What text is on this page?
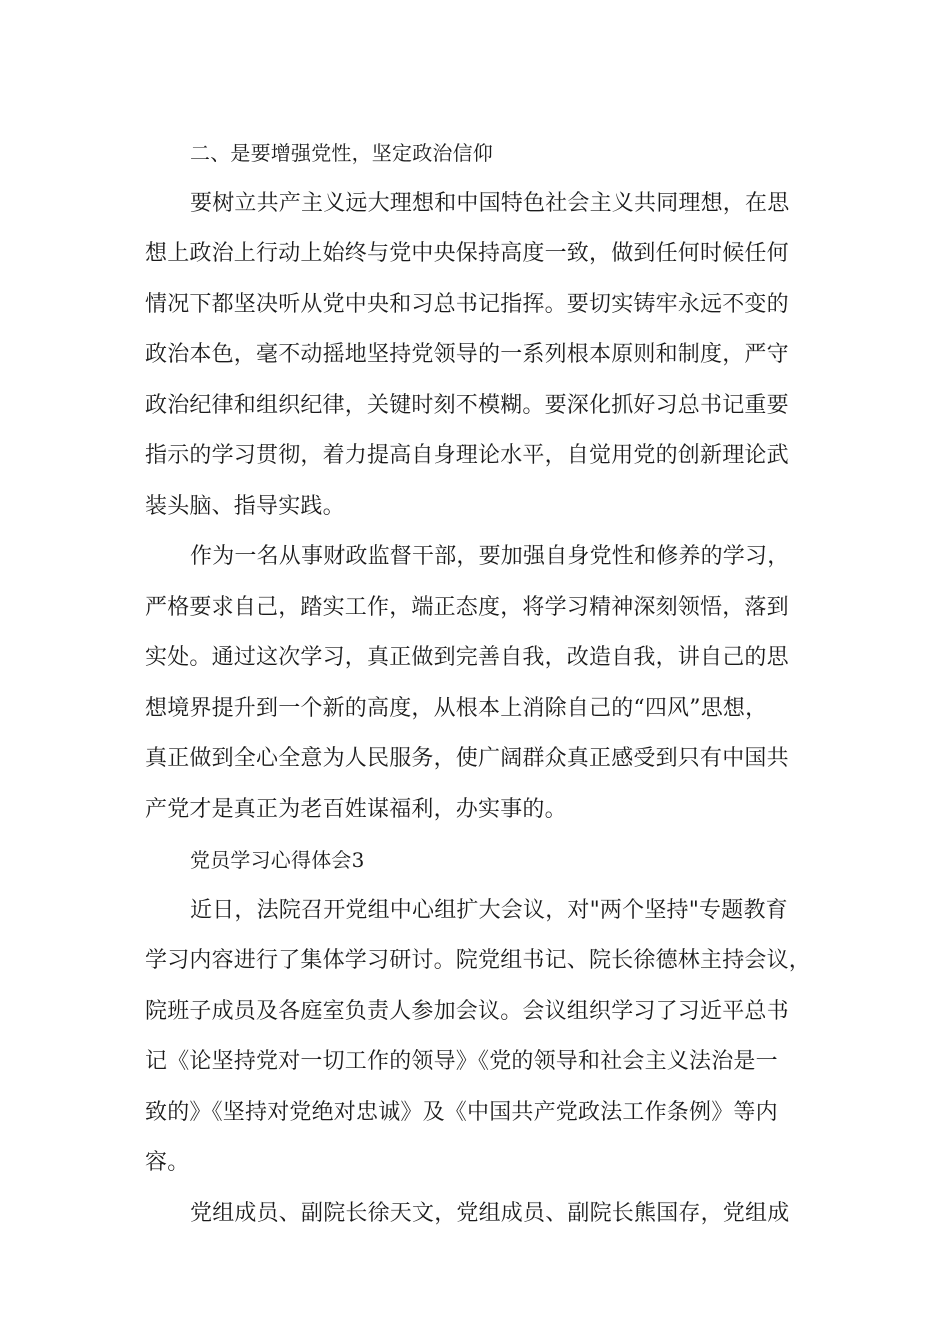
二、是要增强党性，坚定政治信仰
要树立共产主义远大理想和中国特色社会主义共同理想，在思
想上政治上行动上始终与党中央保持高度一致，做到任何时候任何
情况下都坚决听从党中央和习总书记指挥。要切实铸牢永远不变的
政治本色，毫不动摇地坚持党领导的一系列根本原则和制度，严守
政治纪律和组织纪律，关键时刻不模糊。要深化抓好习总书记重要
指示的学习贯彻，着力提高自身理论水平，自觉用党的创新理论武
装头脑、指导实践。
作为一名从事财政监督干部，要加强自身党性和修养的学习，
严格要求自己，踏实工作，端正态度，将学习精神深刻领悟，落到
实处。通过这次学习，真正做到完善自我，改造自我，讲自己的思
想境界提升到一个新的高度，从根本上消除自己的“四风”思想，
真正做到全心全意为人民服务，使广阔群众真正感受到只有中国共
产党才是真正为老百姓谋福利，办实事的。
党员学习心得体会3
近日，法院召开党组中心组扩大会议，对"两个坚持"专题教育
学习内容进行了集体学习研讨。院党组书记、院长徐德林主持会议，
院班子成员及各庭室负责人参加会议。会议组织学习了习近平总书
记《论坚持党对一切工作的领导》《党的领导和社会主义法治是一
致的》《坚持对党绝对忠诚》及《中国共产党政法工作条例》等内
容。
党组成员、副院长徐天文，党组成员、副院长熊国存，党组成
